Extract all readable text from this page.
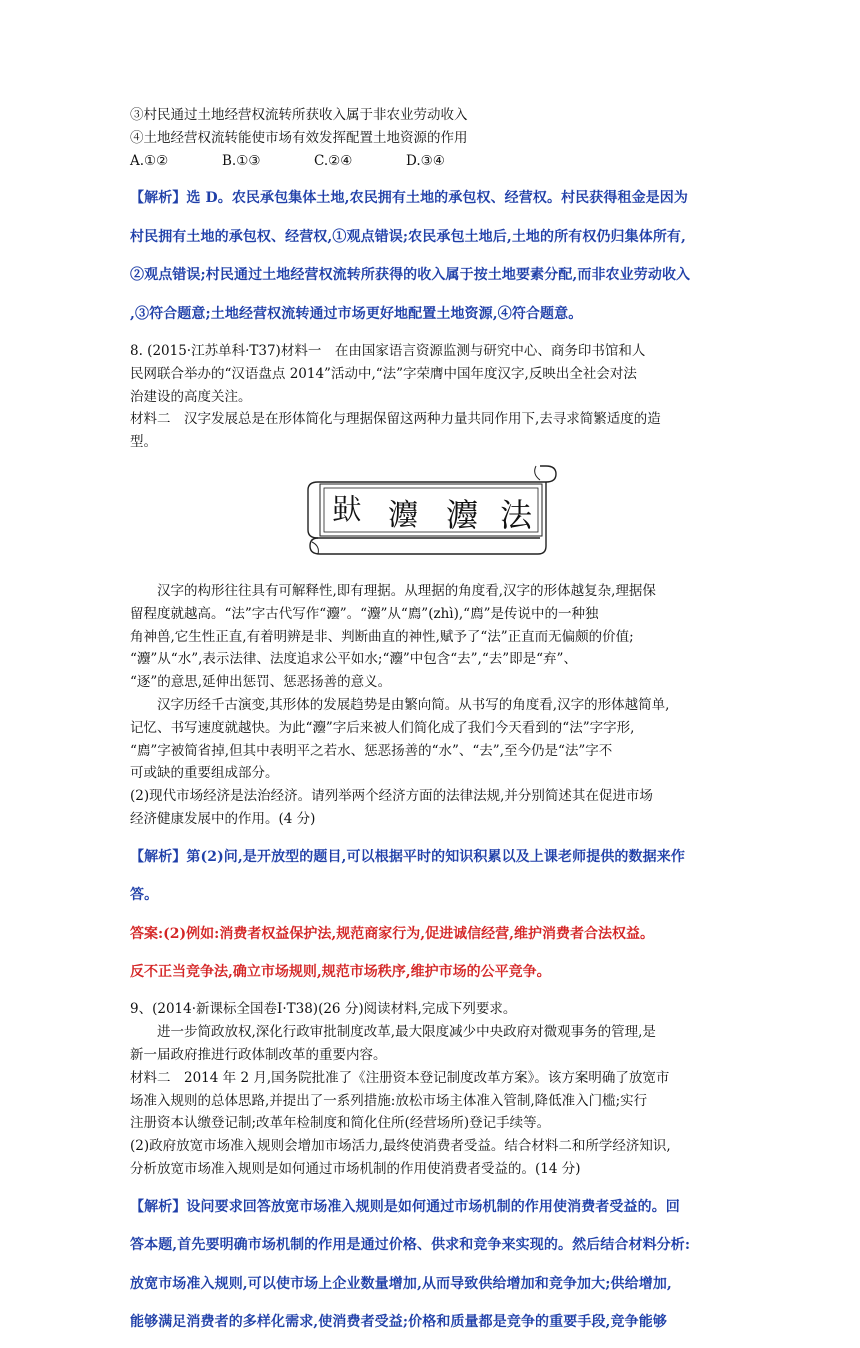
③村民通过土地经营权流转所获收入属于非农业劳动收入

④土地经营权流转能使市场有效发挥配置土地资源的作用

A.①②	B.①③	C.②④	D.③④

【解析】选 D。农民承包集体土地,农民拥有土地的承包权、经营权。村民获得租金是因为

村民拥有土地的承包权、经营权,①观点错误;农民承包土地后,土地的所有权仍归集体所有,

②观点错误;村民通过土地经营权流转所获得的收入属于按土地要素分配,而非农业劳动收入

,③符合题意;土地经营权流转通过市场更好地配置土地资源,④符合题意。

8. (2015·江苏单科·T37)材料一　在由国家语言资源监测与研究中心、商务印书馆和人

民网联合举办的“汉语盘点 2014”活动中,“法”字荣膺中国年度汉字,反映出全社会对法

治建设的高度关注。

材料二　汉字发展总是在形体简化与理据保留这两种力量共同作用下,去寻求简繁适度的造

型。

𤟩 灋 灋 法

汉字的构形往往具有可解释性,即有理据。从理据的角度看,汉字的形体越复杂,理据保

留程度就越高。“法”字古代写作“灋”。“灋”从“廌”(zhì),“廌”是传说中的一种独

角神兽,它生性正直,有着明辨是非、判断曲直的神性,赋予了“法”正直而无偏颇的价值;

“灋”从“水”,表示法律、法度追求公平如水;“灋”中包含“去”,“去”即是“弃”、

“逐”的意思,延伸出惩罚、惩恶扬善的意义。

汉字历经千古演变,其形体的发展趋势是由繁向简。从书写的角度看,汉字的形体越简单,

记忆、书写速度就越快。为此“灋”字后来被人们简化成了我们今天看到的“法”字字形,

“廌”字被简省掉,但其中表明平之若水、惩恶扬善的“水”、“去”,至今仍是“法”字不

可或缺的重要组成部分。

(2)现代市场经济是法治经济。请列举两个经济方面的法律法规,并分别简述其在促进市场

经济健康发展中的作用。(4 分)

【解析】第(2)问,是开放型的题目,可以根据平时的知识积累以及上课老师提供的数据来作

答。

答案:(2)例如:消费者权益保护法,规范商家行为,促进诚信经营,维护消费者合法权益。

反不正当竞争法,确立市场规则,规范市场秩序,维护市场的公平竞争。

9、(2014·新课标全国卷Ⅰ·T38)(26 分)阅读材料,完成下列要求。

进一步简政放权,深化行政审批制度改革,最大限度减少中央政府对微观事务的管理,是

新一届政府推进行政体制改革的重要内容。

材料二　2014 年 2 月,国务院批准了《注册资本登记制度改革方案》。该方案明确了放宽市

场准入规则的总体思路,并提出了一系列措施:放松市场主体准入管制,降低准入门槛;实行

注册资本认缴登记制;改革年检制度和简化住所(经营场所)登记手续等。

(2)政府放宽市场准入规则会增加市场活力,最终使消费者受益。结合材料二和所学经济知识,

分析放宽市场准入规则是如何通过市场机制的作用使消费者受益的。(14 分)

【解析】设问要求回答放宽市场准入规则是如何通过市场机制的作用使消费者受益的。回

答本题,首先要明确市场机制的作用是通过价格、供求和竞争来实现的。然后结合材料分析:

放宽市场准入规则,可以使市场上企业数量增加,从而导致供给增加和竞争加大;供给增加,

能够满足消费者的多样化需求,使消费者受益;价格和质量都是竞争的重要手段,竞争能够
